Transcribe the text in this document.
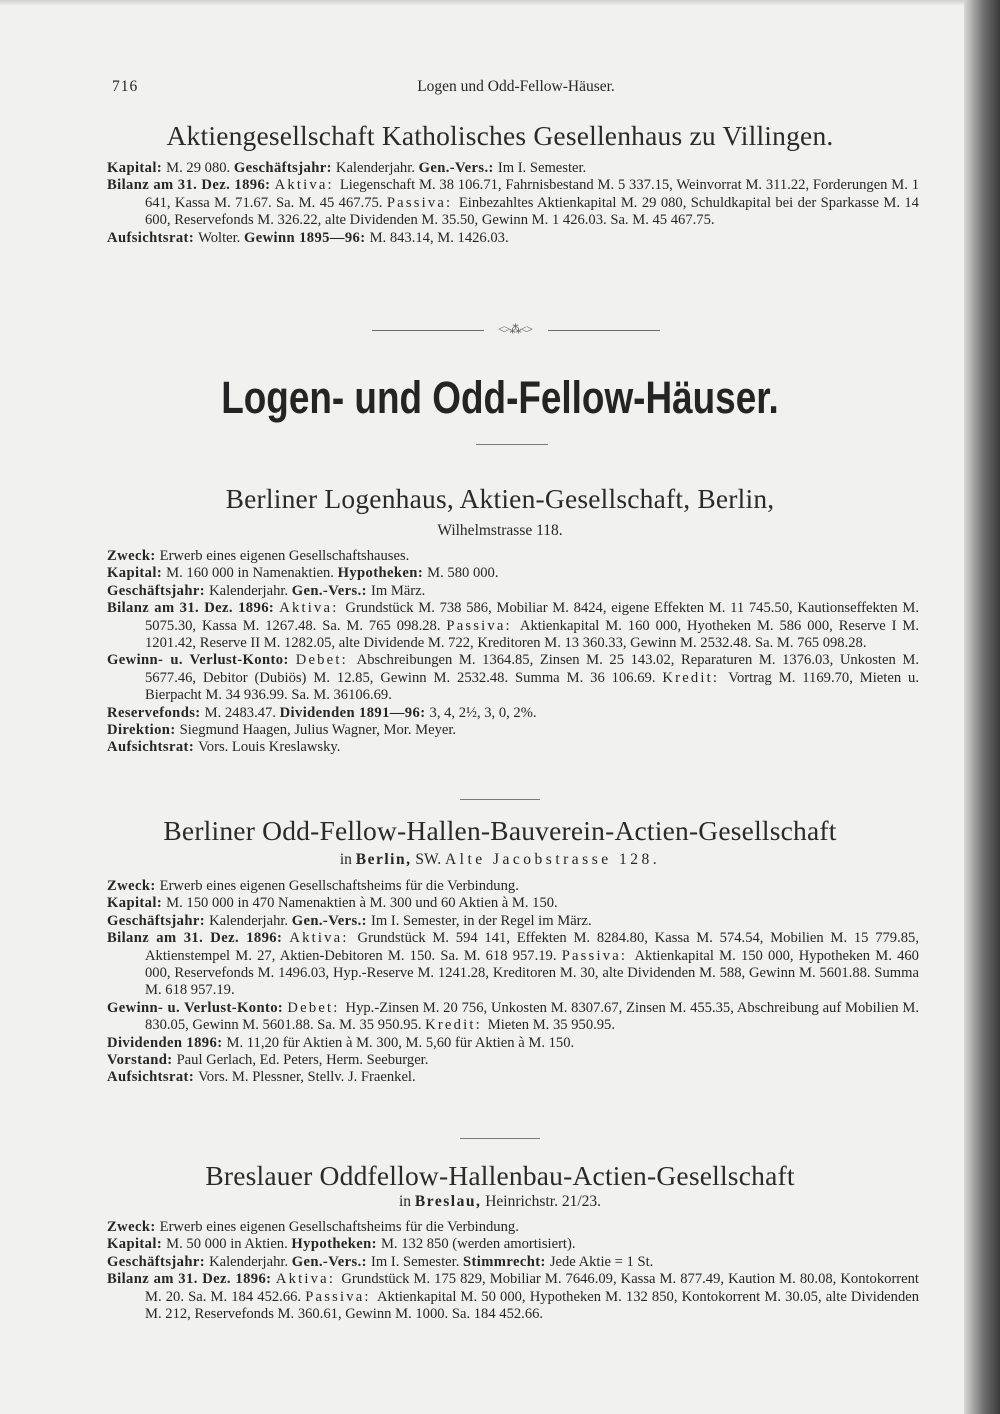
716	Logen und Odd-Fellow-Häuser.
Aktiengesellschaft Katholisches Gesellenhaus zu Villingen.

Kapital: M. 29 080. Geschäftsjahr: Kalenderjahr. Gen.-Vers.: Im I. Semester.

Bilanz am 31. Dez. 1896: Aktiva: Liegenschaft M. 38 106.71, Fahrnisbestand M. 5 337.15, Weinvorrat M. 311.22, Forderungen M. 1 641, Kassa M. 71.67. Sa. M. 45 467.75. Passiva: Einbezahltes Aktienkapital M. 29 080, Schuldkapital bei der Sparkasse M. 14 600, Reservefonds M. 326.22, alte Dividenden M. 35.50, Gewinn M. 1 426.03. Sa. M. 45 467.75.

Aufsichtsrat: Wolter. Gewinn 1895—96: M. 843.14, M. 1426.03.

<>⁂<>
Logen- und Odd-Fellow-Häuser.
Berliner Logenhaus, Aktien-Gesellschaft, Berlin,
Wilhelmstrasse 118.

Zweck: Erwerb eines eigenen Gesellschaftshauses.

Kapital: M. 160 000 in Namenaktien. Hypotheken: M. 580 000.

Geschäftsjahr: Kalenderjahr. Gen.-Vers.: Im März.

Bilanz am 31. Dez. 1896: Aktiva: Grundstück M. 738 586, Mobiliar M. 8424, eigene Effekten M. 11 745.50, Kautionseffekten M. 5075.30, Kassa M. 1267.48. Sa. M. 765 098.28. Passiva: Aktienkapital M. 160 000, Hyotheken M. 586 000, Reserve I M. 1201.42, Reserve II M. 1282.05, alte Dividende M. 722, Kreditoren M. 13 360.33, Gewinn M. 2532.48. Sa. M. 765 098.28.

Gewinn- u. Verlust-Konto: Debet: Abschreibungen M. 1364.85, Zinsen M. 25 143.02, Reparaturen M. 1376.03, Unkosten M. 5677.46, Debitor (Dubiös) M. 12.85, Gewinn M. 2532.48. Summa M. 36 106.69. Kredit: Vortrag M. 1169.70, Mieten u. Bierpacht M. 34 936.99. Sa. M. 36106.69.

Reservefonds: M. 2483.47. Dividenden 1891—96: 3, 4, 2½, 3, 0, 2%.

Direktion: Siegmund Haagen, Julius Wagner, Mor. Meyer.

Aufsichtsrat: Vors. Louis Kreslawsky.

Berliner Odd-Fellow-Hallen-Bauverein-Actien-Gesellschaft
in Berlin, SW. Alte Jacobstrasse 128.

Zweck: Erwerb eines eigenen Gesellschaftsheims für die Verbindung.

Kapital: M. 150 000 in 470 Namenaktien à M. 300 und 60 Aktien à M. 150.

Geschäftsjahr: Kalenderjahr. Gen.-Vers.: Im I. Semester, in der Regel im März.

Bilanz am 31. Dez. 1896: Aktiva: Grundstück M. 594 141, Effekten M. 8284.80, Kassa M. 574.54, Mobilien M. 15 779.85, Aktienstempel M. 27, Aktien-Debitoren M. 150. Sa. M. 618 957.19. Passiva: Aktienkapital M. 150 000, Hypotheken M. 460 000, Reservefonds M. 1496.03, Hyp.-Reserve M. 1241.28, Kreditoren M. 30, alte Dividenden M. 588, Gewinn M. 5601.88. Summa M. 618 957.19.

Gewinn- u. Verlust-Konto: Debet: Hyp.-Zinsen M. 20 756, Unkosten M. 8307.67, Zinsen M. 455.35, Abschreibung auf Mobilien M. 830.05, Gewinn M. 5601.88. Sa. M. 35 950.95. Kredit: Mieten M. 35 950.95.

Dividenden 1896: M. 11,20 für Aktien à M. 300, M. 5,60 für Aktien à M. 150.

Vorstand: Paul Gerlach, Ed. Peters, Herm. Seeburger.

Aufsichtsrat: Vors. M. Plessner, Stellv. J. Fraenkel.

Breslauer Oddfellow-Hallenbau-Actien-Gesellschaft
in Breslau, Heinrichstr. 21/23.

Zweck: Erwerb eines eigenen Gesellschaftsheims für die Verbindung.

Kapital: M. 50 000 in Aktien. Hypotheken: M. 132 850 (werden amortisiert).

Geschäftsjahr: Kalenderjahr. Gen.-Vers.: Im I. Semester. Stimmrecht: Jede Aktie = 1 St.

Bilanz am 31. Dez. 1896: Aktiva: Grundstück M. 175 829, Mobiliar M. 7646.09, Kassa M. 877.49, Kaution M. 80.08, Kontokorrent M. 20. Sa. M. 184 452.66. Passiva: Aktienkapital M. 50 000, Hypotheken M. 132 850, Kontokorrent M. 30.05, alte Dividenden M. 212, Reservefonds M. 360.61, Gewinn M. 1000. Sa. 184 452.66.
